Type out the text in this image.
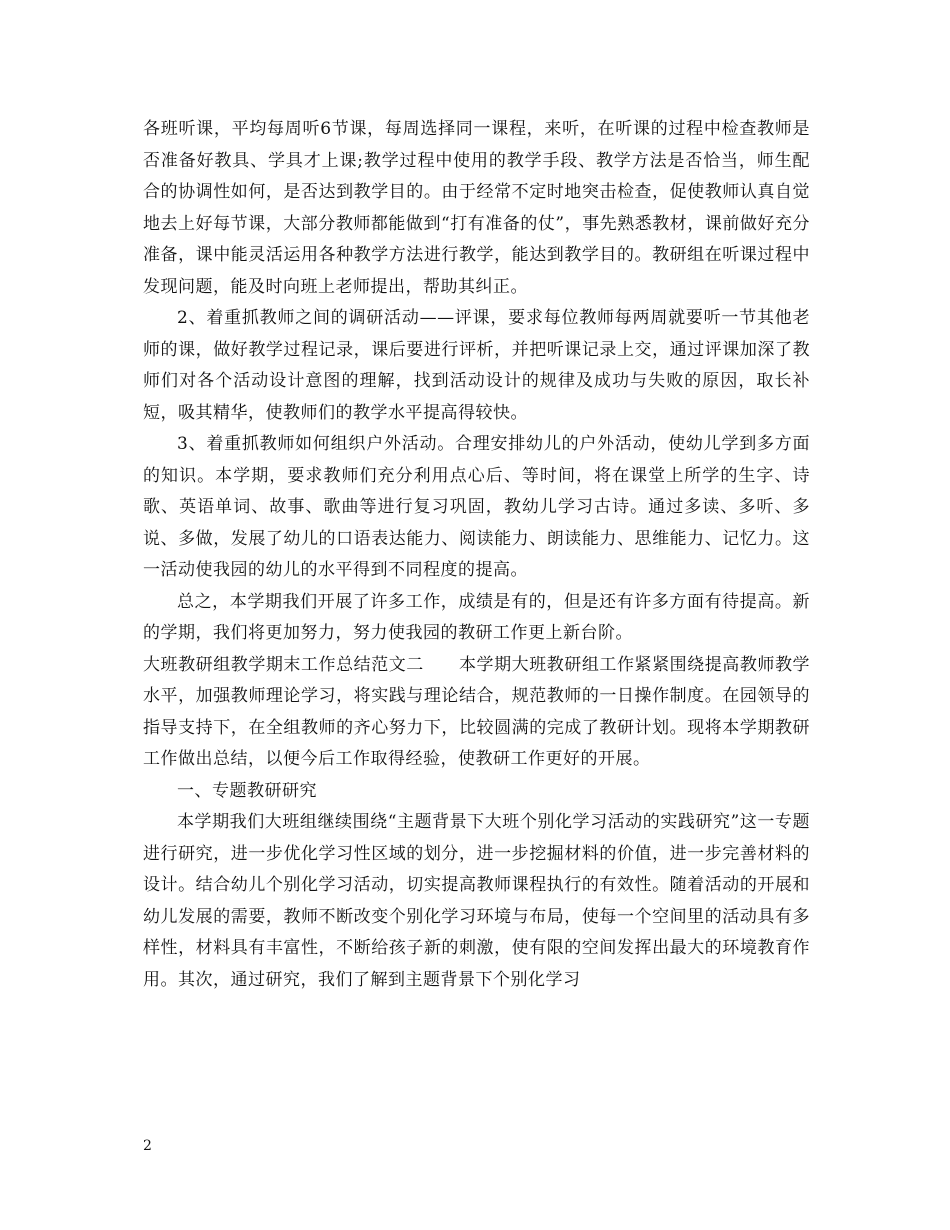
各班听课，平均每周听6节课，每周选择同一课程，来听，在听课的过程中检查教师是否准备好教具、学具才上课;教学过程中使用的教学手段、教学方法是否恰当，师生配合的协调性如何，是否达到教学目的。由于经常不定时地突击检查，促使教师认真自觉地去上好每节课，大部分教师都能做到“打有准备的仗”，事先熟悉教材，课前做好充分准备，课中能灵活运用各种教学方法进行教学，能达到教学目的。教研组在听课过程中发现问题，能及时向班上老师提出，帮助其纠正。

2、着重抓教师之间的调研活动——评课，要求每位教师每两周就要听一节其他老师的课，做好教学过程记录，课后要进行评析，并把听课记录上交，通过评课加深了教师们对各个活动设计意图的理解，找到活动设计的规律及成功与失败的原因，取长补短，吸其精华，使教师们的教学水平提高得较快。

3、着重抓教师如何组织户外活动。合理安排幼儿的户外活动，使幼儿学到多方面的知识。本学期，要求教师们充分利用点心后、等时间，将在课堂上所学的生字、诗歌、英语单词、故事、歌曲等进行复习巩固，教幼儿学习古诗。通过多读、多听、多说、多做，发展了幼儿的口语表达能力、阅读能力、朗读能力、思维能力、记忆力。这一活动使我园的幼儿的水平得到不同程度的提高。

总之，本学期我们开展了许多工作，成绩是有的，但是还有许多方面有待提高。新的学期，我们将更加努力，努力使我园的教研工作更上新台阶。

大班教研组教学期末工作总结范文二　　本学期大班教研组工作紧紧围绕提高教师教学水平，加强教师理论学习，将实践与理论结合，规范教师的一日操作制度。在园领导的指导支持下，在全组教师的齐心努力下，比较圆满的完成了教研计划。现将本学期教研工作做出总结，以便今后工作取得经验，使教研工作更好的开展。

一、专题教研研究

本学期我们大班组继续围绕“主题背景下大班个别化学习活动的实践研究”这一专题进行研究，进一步优化学习性区域的划分，进一步挖掘材料的价值，进一步完善材料的设计。结合幼儿个别化学习活动，切实提高教师课程执行的有效性。随着活动的开展和幼儿发展的需要，教师不断改变个别化学习环境与布局，使每一个空间里的活动具有多样性，材料具有丰富性，不断给孩子新的刺激，使有限的空间发挥出最大的环境教育作用。其次，通过研究，我们了解到主题背景下个别化学习

2
